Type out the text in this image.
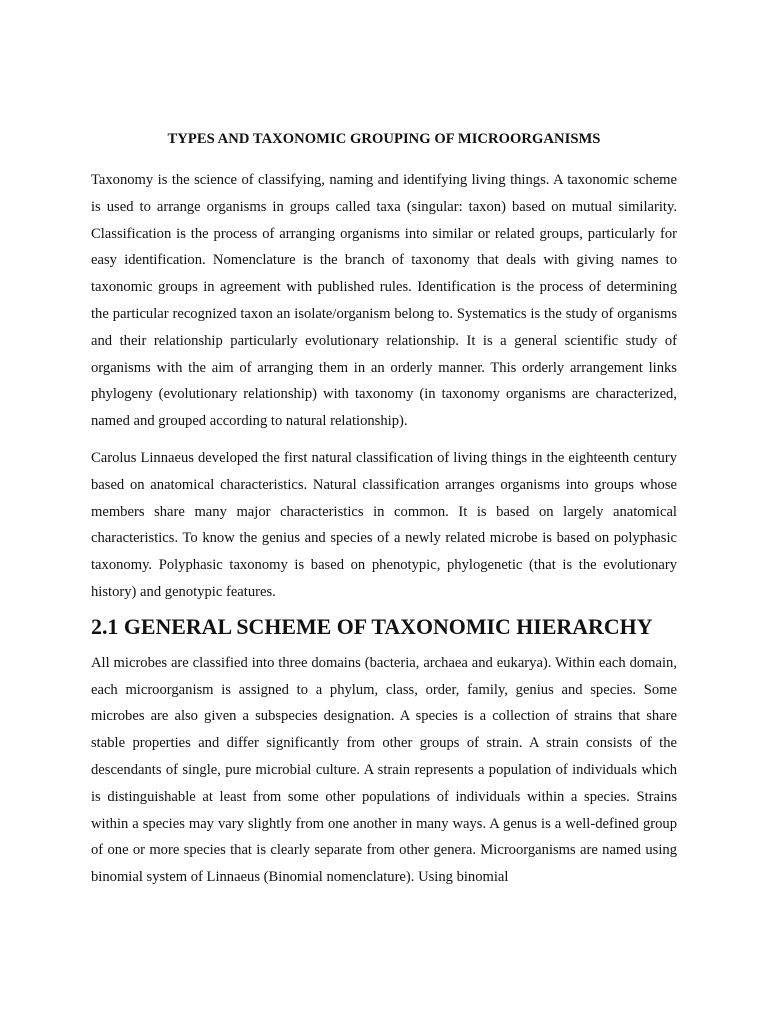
TYPES AND TAXONOMIC GROUPING OF MICROORGANISMS

Taxonomy is the science of classifying, naming and identifying living things. A taxonomic scheme is used to arrange organisms in groups called taxa (singular: taxon) based on mutual similarity. Classification is the process of arranging organisms into similar or related groups, particularly for easy identification. Nomenclature is the branch of taxonomy that deals with giving names to taxonomic groups in agreement with published rules. Identification is the process of determining the particular recognized taxon an isolate/organism belong to. Systematics is the study of organisms and their relationship particularly evolutionary relationship. It is a general scientific study of organisms with the aim of arranging them in an orderly manner. This orderly arrangement links phylogeny (evolutionary relationship) with taxonomy (in taxonomy organisms are characterized, named and grouped according to natural relationship).

Carolus Linnaeus developed the first natural classification of living things in the eighteenth century based on anatomical characteristics. Natural classification arranges organisms into groups whose members share many major characteristics in common. It is based on largely anatomical characteristics. To know the genius and species of a newly related microbe is based on polyphasic taxonomy. Polyphasic taxonomy is based on phenotypic, phylogenetic (that is the evolutionary history) and genotypic features.

2.1 GENERAL SCHEME OF TAXONOMIC HIERARCHY

All microbes are classified into three domains (bacteria, archaea and eukarya). Within each domain, each microorganism is assigned to a phylum, class, order, family, genius and species. Some microbes are also given a subspecies designation. A species is a collection of strains that share stable properties and differ significantly from other groups of strain. A strain consists of the descendants of single, pure microbial culture. A strain represents a population of individuals which is distinguishable at least from some other populations of individuals within a species. Strains within a species may vary slightly from one another in many ways. A genus is a well-defined group of one or more species that is clearly separate from other genera. Microorganisms are named using binomial system of Linnaeus (Binomial nomenclature). Using binomial
